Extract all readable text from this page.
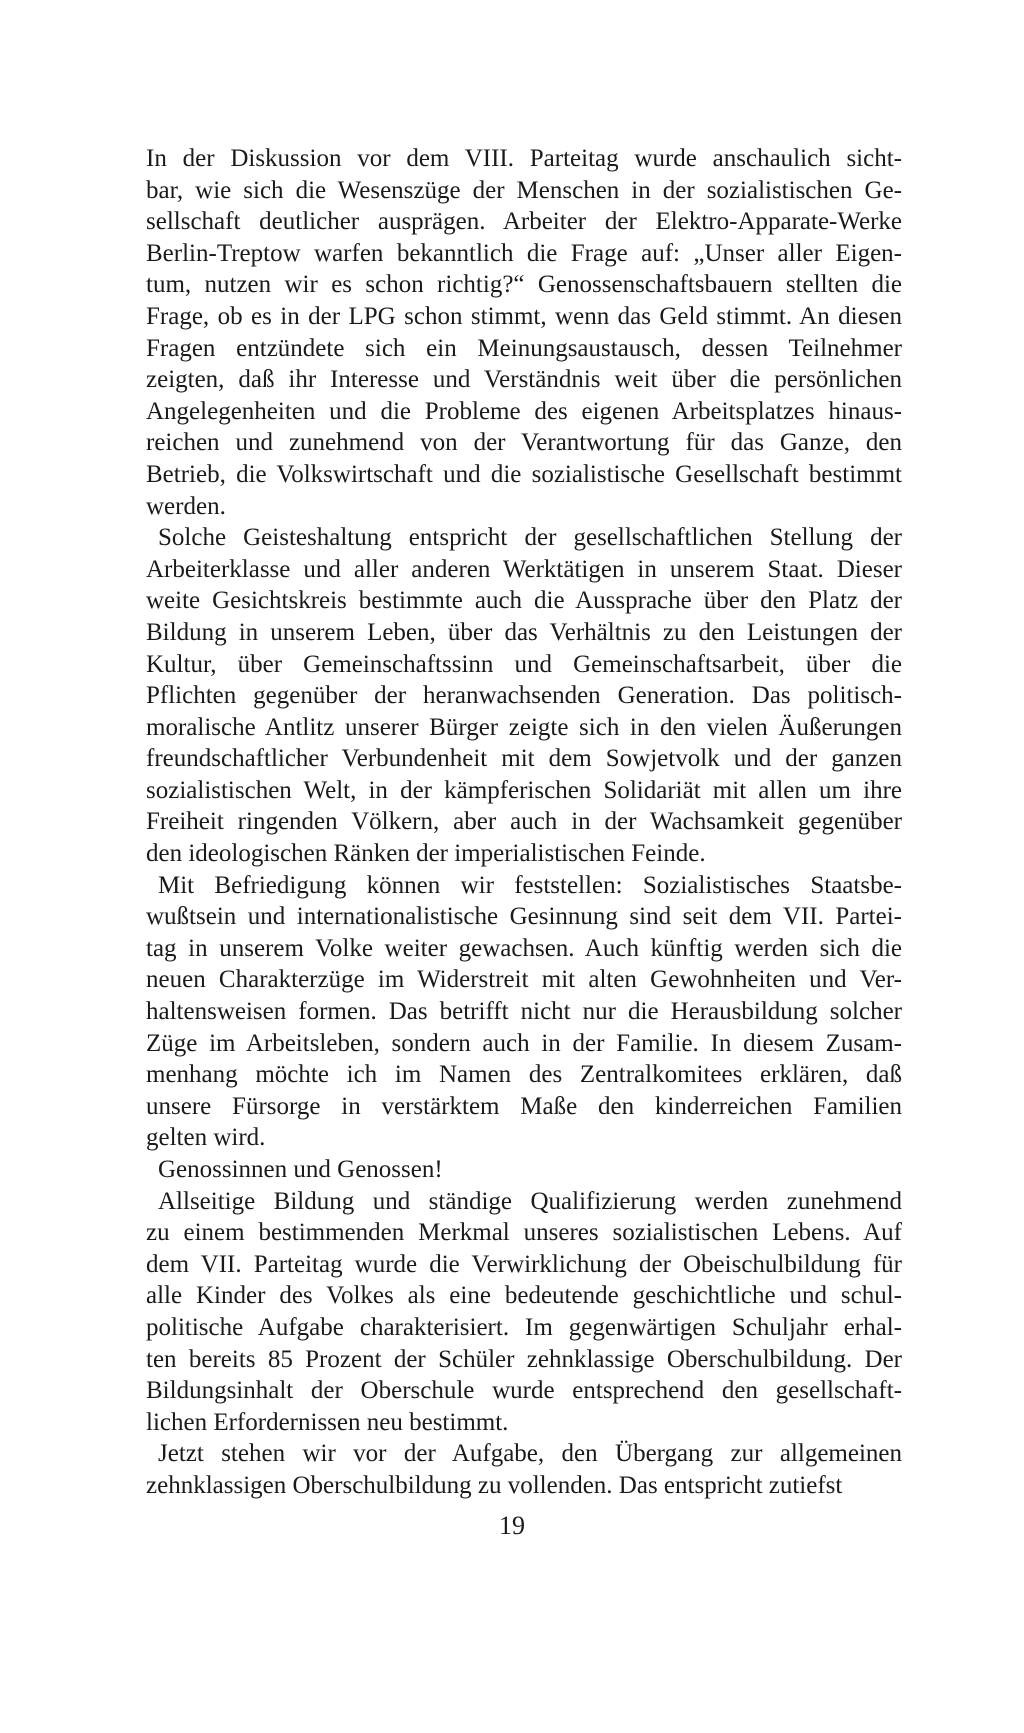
In der Diskussion vor dem VIII. Parteitag wurde anschaulich sicht-
bar, wie sich die Wesenszüge der Menschen in der sozialistischen Ge-
sellschaft deutlicher ausprägen. Arbeiter der Elektro-Apparate-Werke
Berlin-Treptow warfen bekanntlich die Frage auf: „Unser aller Eigen-
tum, nutzen wir es schon richtig?“ Genossenschaftsbauern stellten die
Frage, ob es in der LPG schon stimmt, wenn das Geld stimmt. An diesen
Fragen entzündete sich ein Meinungsaustausch, dessen Teilnehmer
zeigten, daß ihr Interesse und Verständnis weit über die persönlichen
Angelegenheiten und die Probleme des eigenen Arbeitsplatzes hinaus-
reichen und zunehmend von der Verantwortung für das Ganze, den
Betrieb, die Volkswirtschaft und die sozialistische Gesellschaft bestimmt
werden.
Solche Geisteshaltung entspricht der gesellschaftlichen Stellung der
Arbeiterklasse und aller anderen Werktätigen in unserem Staat. Dieser
weite Gesichtskreis bestimmte auch die Aussprache über den Platz der
Bildung in unserem Leben, über das Verhältnis zu den Leistungen der
Kultur, über Gemeinschaftssinn und Gemeinschaftsarbeit, über die
Pflichten gegenüber der heranwachsenden Generation. Das politisch-
moralische Antlitz unserer Bürger zeigte sich in den vielen Äußerungen
freundschaftlicher Verbundenheit mit dem Sowjetvolk und der ganzen
sozialistischen Welt, in der kämpferischen Solidariät mit allen um ihre
Freiheit ringenden Völkern, aber auch in der Wachsamkeit gegenüber
den ideologischen Ränken der imperialistischen Feinde.
Mit Befriedigung können wir feststellen: Sozialistisches Staatsbe-
wußtsein und internationalistische Gesinnung sind seit dem VII. Partei-
tag in unserem Volke weiter gewachsen. Auch künftig werden sich die
neuen Charakterzüge im Widerstreit mit alten Gewohnheiten und Ver-
haltensweisen formen. Das betrifft nicht nur die Herausbildung solcher
Züge im Arbeitsleben, sondern auch in der Familie. In diesem Zusam-
menhang möchte ich im Namen des Zentralkomitees erklären, daß
unsere Fürsorge in verstärktem Maße den kinderreichen Familien
gelten wird.
Genossinnen und Genossen!
Allseitige Bildung und ständige Qualifizierung werden zunehmend
zu einem bestimmenden Merkmal unseres sozialistischen Lebens. Auf
dem VII. Parteitag wurde die Verwirklichung der Obeischulbildung für
alle Kinder des Volkes als eine bedeutende geschichtliche und schul-
politische Aufgabe charakterisiert. Im gegenwärtigen Schuljahr erhal-
ten bereits 85 Prozent der Schüler zehnklassige Oberschulbildung. Der
Bildungsinhalt der Oberschule wurde entsprechend den gesellschaft-
lichen Erfordernissen neu bestimmt.
Jetzt stehen wir vor der Aufgabe, den Übergang zur allgemeinen
zehnklassigen Oberschulbildung zu vollenden. Das entspricht zutiefst
19
